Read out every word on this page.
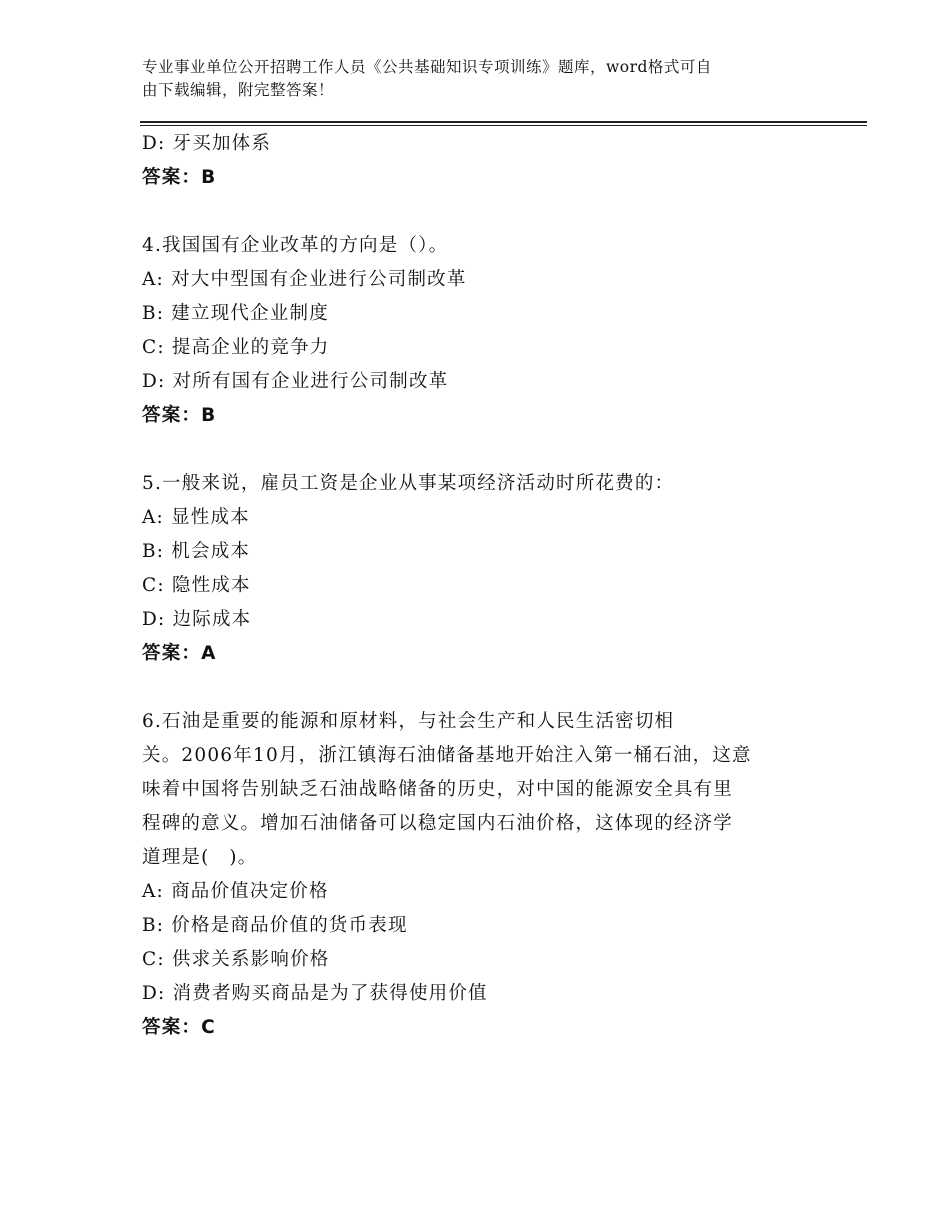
专业事业单位公开招聘工作人员《公共基础知识专项训练》题库，word格式可自
由下载编辑，附完整答案！
D: 牙买加体系
答案：B
4.我国国有企业改革的方向是（）。
A: 对大中型国有企业进行公司制改革
B: 建立现代企业制度
C: 提高企业的竞争力
D: 对所有国有企业进行公司制改革
答案：B
5.一般来说，雇员工资是企业从事某项经济活动时所花费的：
A: 显性成本
B: 机会成本
C: 隐性成本
D: 边际成本
答案：A
6.石油是重要的能源和原材料，与社会生产和人民生活密切相
关。2006年10月，浙江镇海石油储备基地开始注入第一桶石油，这意
味着中国将告别缺乏石油战略储备的历史，对中国的能源安全具有里
程碑的意义。增加石油储备可以稳定国内石油价格，这体现的经济学
道理是(　)。
A: 商品价值决定价格
B: 价格是商品价值的货币表现
C: 供求关系影响价格
D: 消费者购买商品是为了获得使用价值
答案：C
